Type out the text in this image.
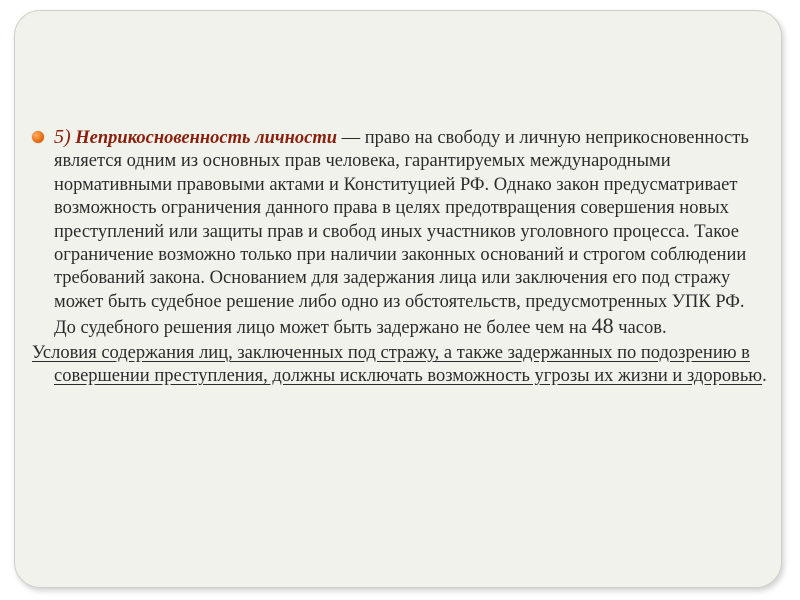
5) Неприкосновенность личности — право на свободу и личную неприкосновенность является одним из основных прав человека, гарантируемых международными нормативными правовыми актами и Конституцией РФ. Однако закон предусматривает возможность ограничения данного права в целях предотвращения совершения новых преступлений или защиты прав и свобод иных участников уголовного процесса. Такое ограничение возможно только при наличии законных оснований и строгом соблюдении требований закона. Основанием для задержания лица или заключения его под стражу может быть судебное решение либо одно из обстоятельств, предусмотренных УПК РФ. До судебного решения лицо может быть задержано не более чем на 48 часов.
Условия содержания лиц, заключенных под стражу, а также задержанных по подозрению в совершении преступления, должны исключать возможность угрозы их жизни и здоровью.
